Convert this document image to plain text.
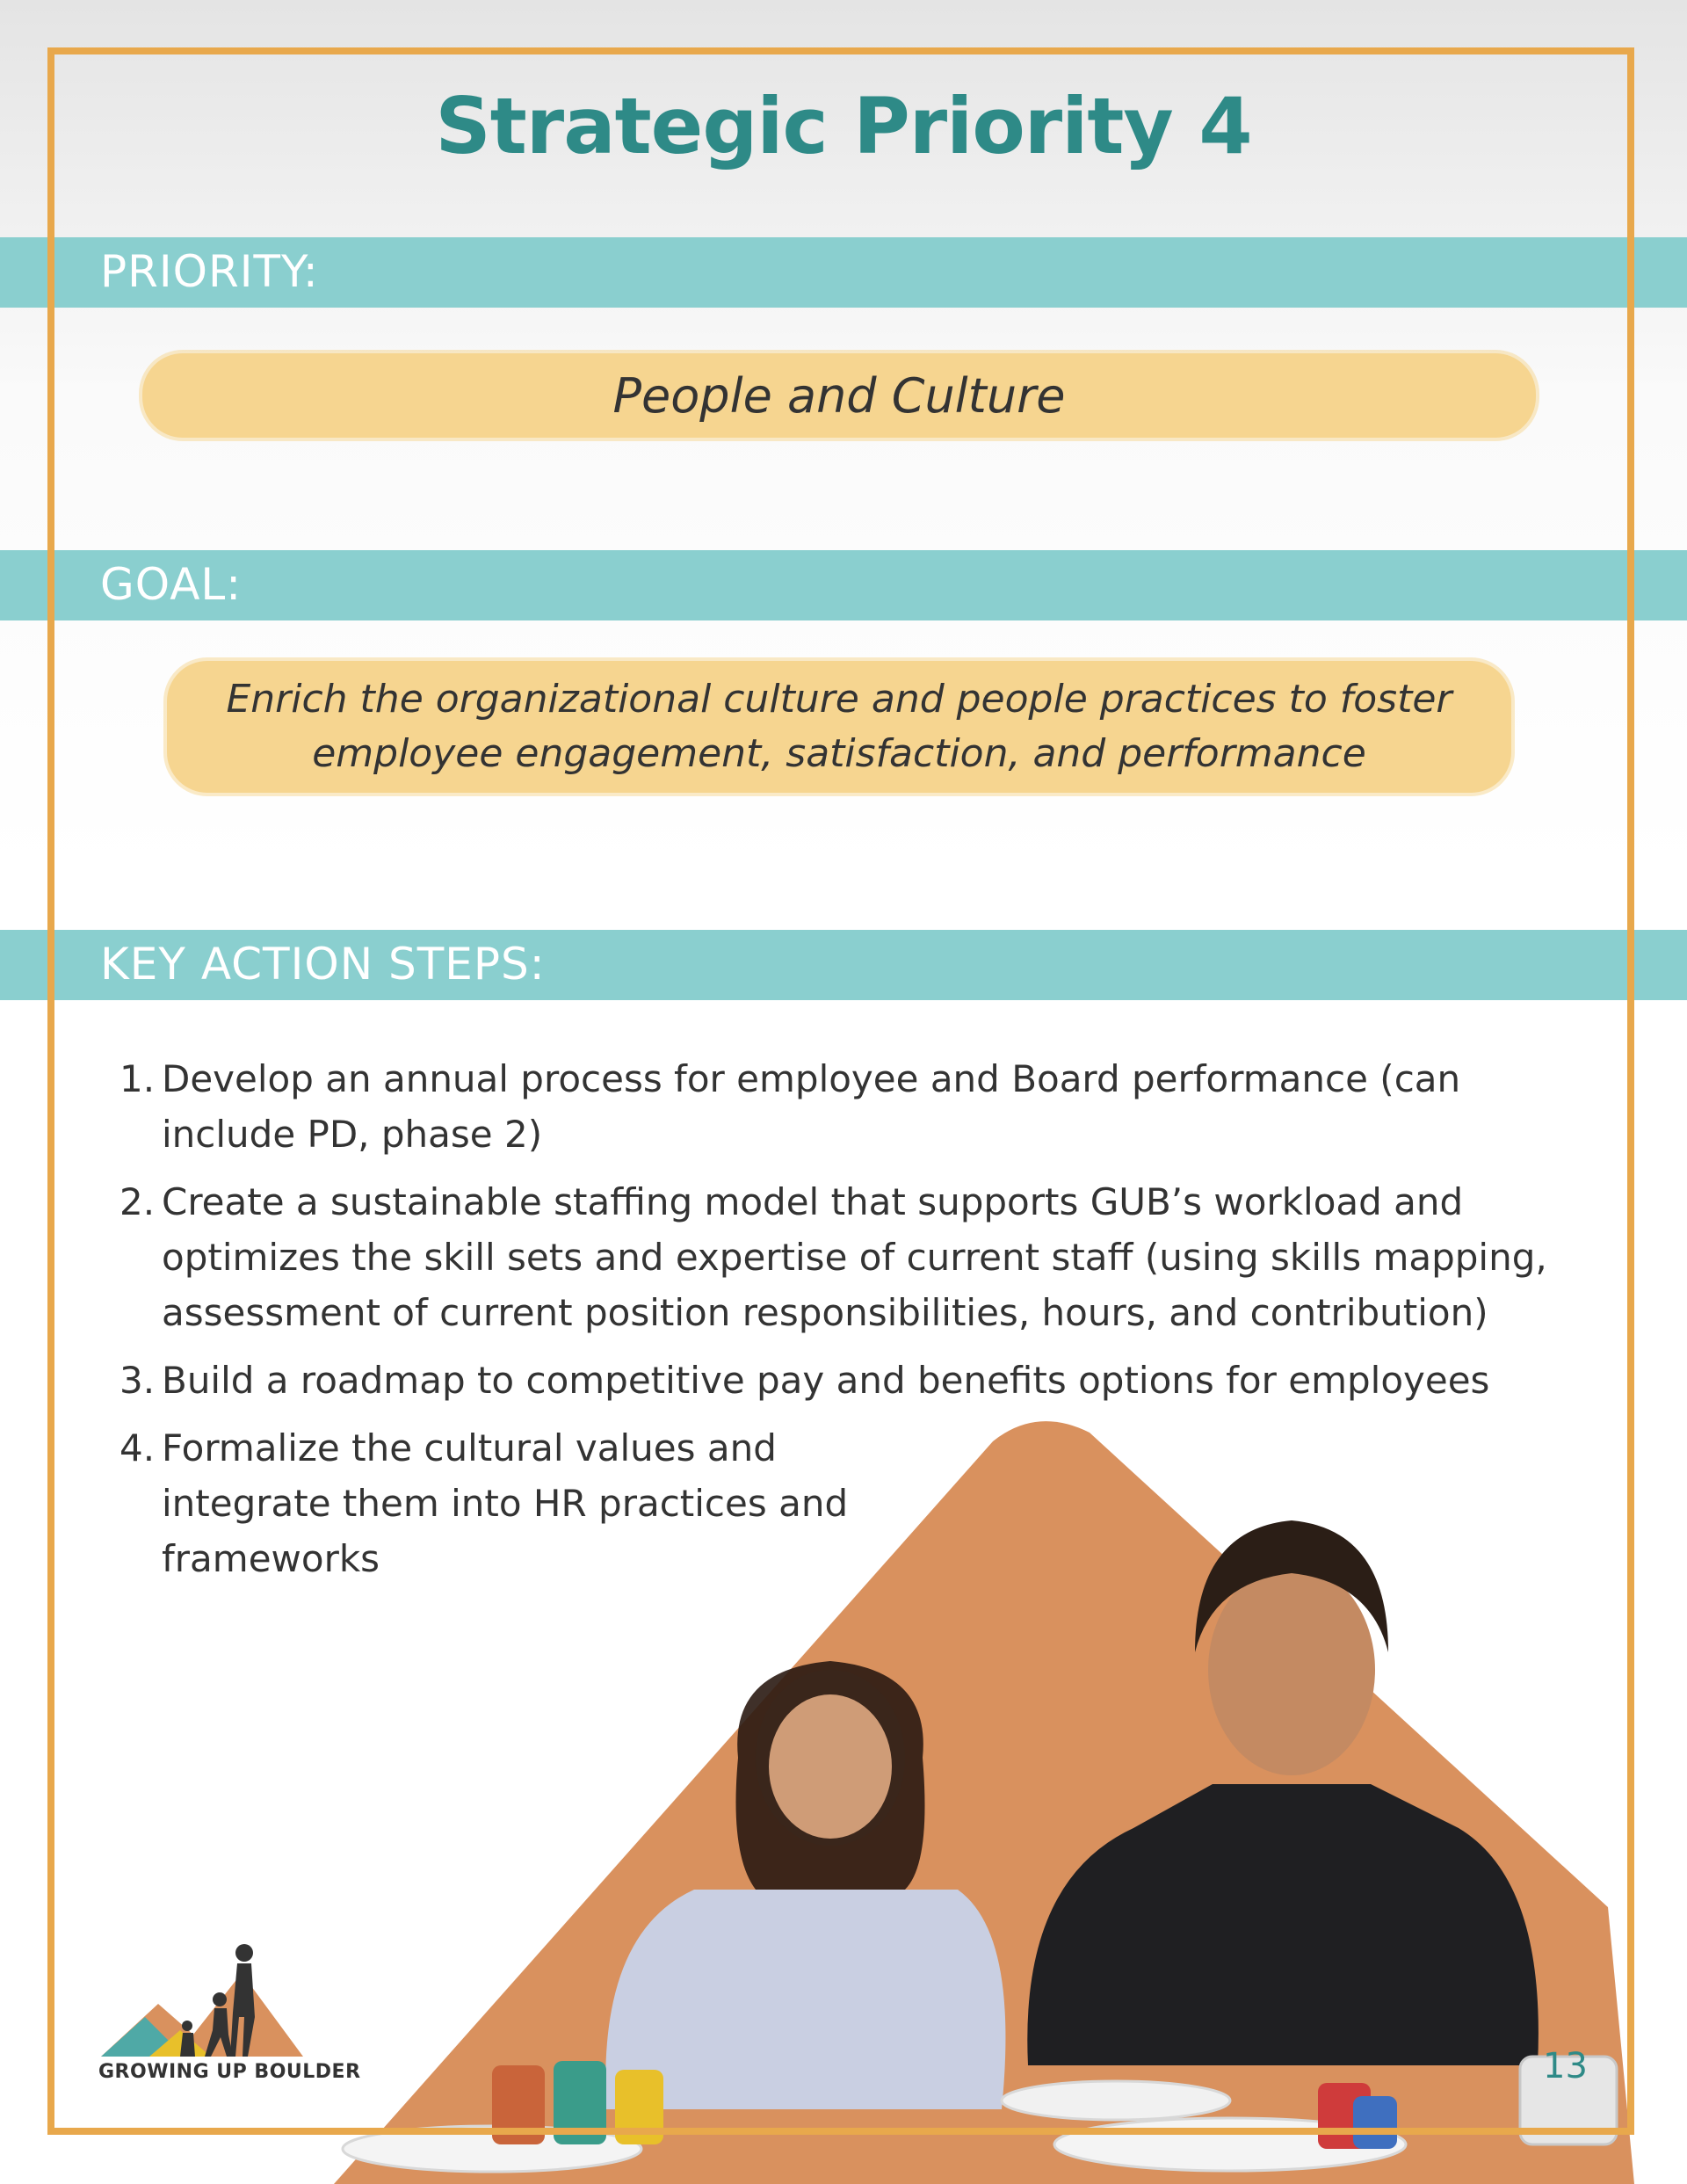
Strategic Priority 4
PRIORITY:
People and Culture
GOAL:
Enrich the organizational culture and people practices to foster employee engagement, satisfaction, and performance
KEY ACTION STEPS:
1. Develop an annual process for employee and Board performance (can include PD, phase 2)
2. Create a sustainable staffing model that supports GUB’s workload and optimizes the skill sets and expertise of current staff (using skills mapping, assessment of current position responsibilities, hours, and contribution)
3. Build a roadmap to competitive pay and benefits options for employees
4. Formalize the cultural values and integrate them into HR practices and frameworks
GROWING UP BOULDER	13
